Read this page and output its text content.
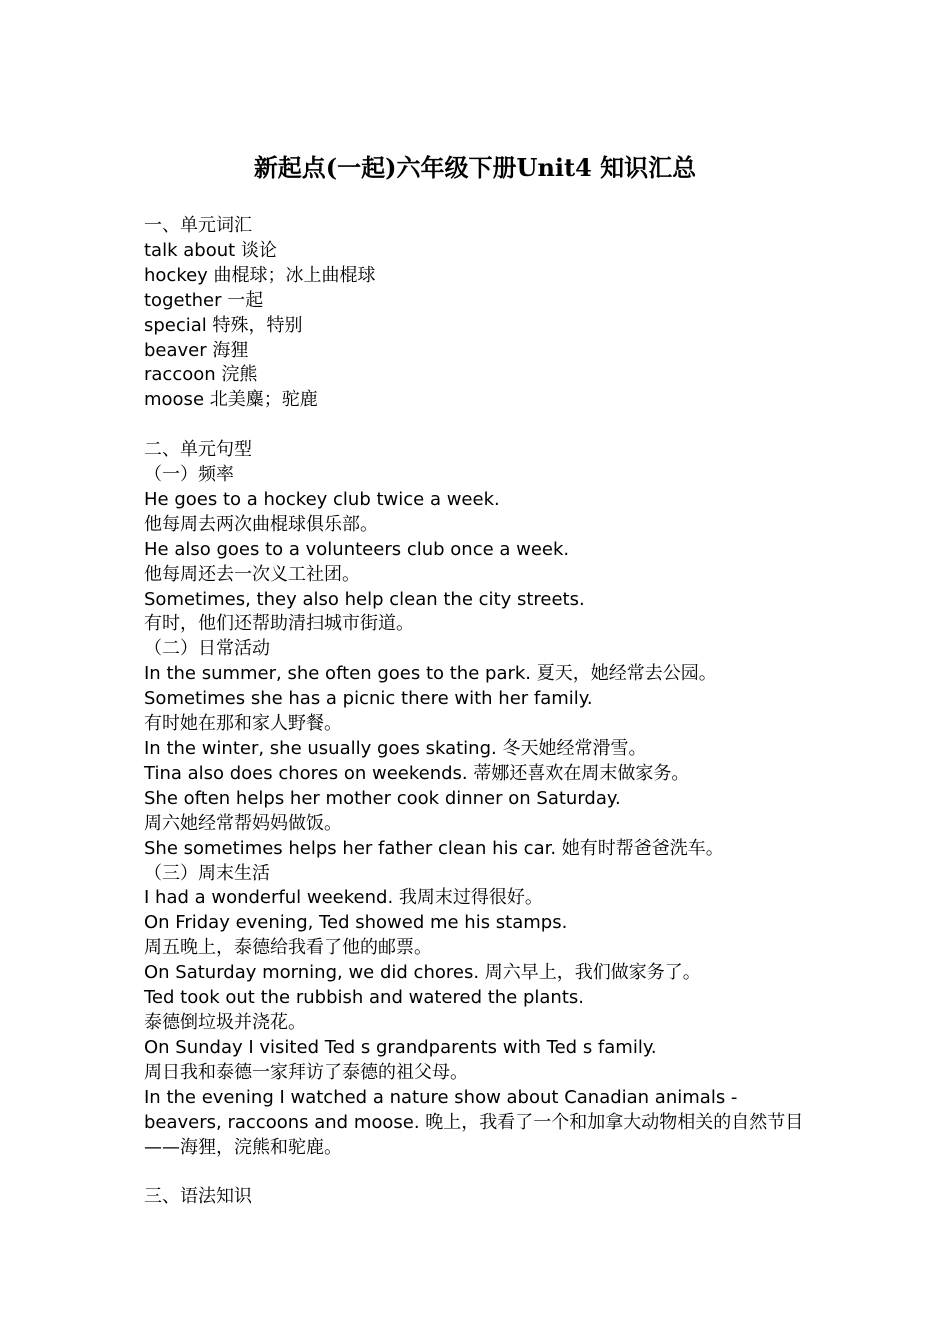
新起点(一起)六年级下册Unit4 知识汇总

一、单元词汇

talk about 谈论

hockey 曲棍球；冰上曲棍球

together 一起

special 特殊，特别

beaver 海狸

raccoon 浣熊

moose 北美麋；驼鹿

二、单元句型

（一）频率

He goes to a hockey club twice a week.

他每周去两次曲棍球俱乐部。

He also goes to a volunteers club once a week.

他每周还去一次义工社团。

Sometimes, they also help clean the city streets.

有时，他们还帮助清扫城市街道。

（二）日常活动

In the summer, she often goes to the park. 夏天，她经常去公园。

Sometimes she has a picnic there with her family.

有时她在那和家人野餐。

In the winter, she usually goes skating. 冬天她经常滑雪。

Tina also does chores on weekends. 蒂娜还喜欢在周末做家务。

She often helps her mother cook dinner on Saturday.

周六她经常帮妈妈做饭。

She sometimes helps her father clean his car. 她有时帮爸爸洗车。

（三）周末生活

I had a wonderful weekend. 我周末过得很好。

On Friday evening, Ted showed me his stamps.

周五晚上，泰德给我看了他的邮票。

On Saturday morning, we did chores. 周六早上，我们做家务了。

Ted took out the rubbish and watered the plants.

泰德倒垃圾并浇花。

On Sunday I visited Ted s grandparents with Ted s family.

周日我和泰德一家拜访了泰德的祖父母。

In the evening I watched a nature show about Canadian animals - beavers, raccoons and moose. 晚上，我看了一个和加拿大动物相关的自然节目——海狸，浣熊和驼鹿。

三、语法知识
